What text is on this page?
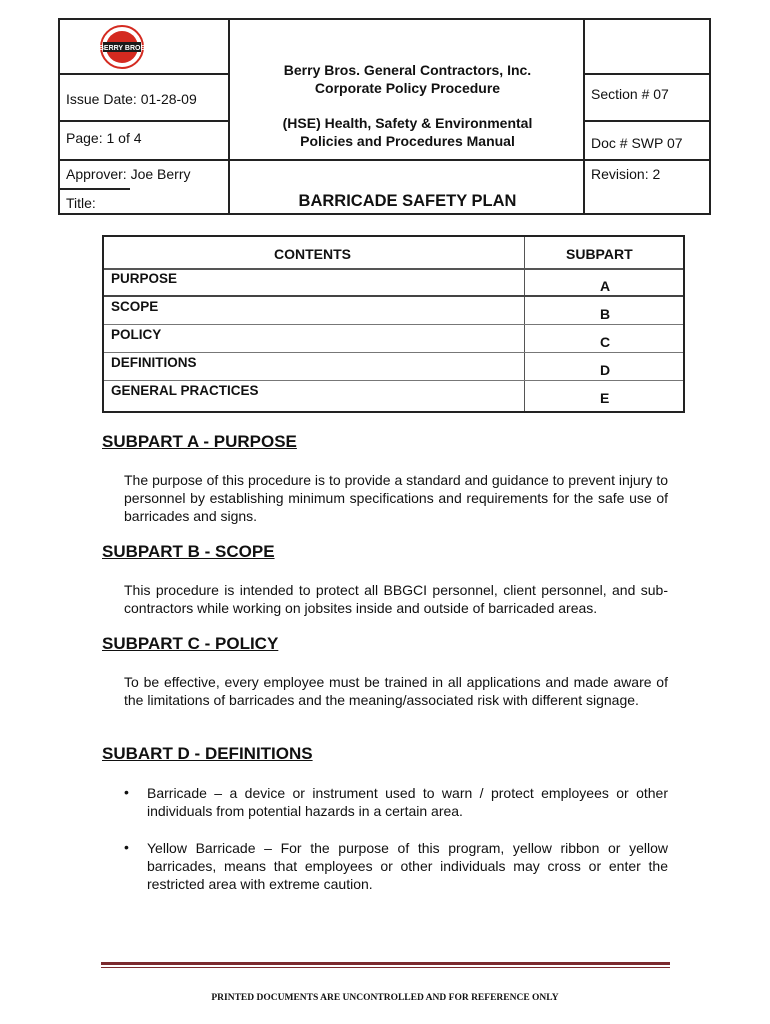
BERRY BROS
Issue Date: 01-28-09
Page: 1 of 4
Approver: Joe Berry
Title:
Berry Bros. General Contractors, Inc.
Corporate Policy Procedure
(HSE) Health, Safety & Environmental
Policies and Procedures Manual
Section # 07
Doc # SWP 07
Revision: 2
BARRICADE SAFETY PLAN
CONTENTS	SUBPART
PURPOSE	A
SCOPE	B
POLICY	C
DEFINITIONS	D
GENERAL PRACTICES	E
SUBPART A - PURPOSE
The purpose of this procedure is to provide a standard and guidance to prevent injury to personnel by establishing minimum specifications and requirements for the safe use of barricades and signs.
SUBPART B - SCOPE
This procedure is intended to protect all BBGCI personnel, client personnel, and sub-contractors while working on jobsites inside and outside of barricaded areas.
SUBPART C - POLICY
To be effective, every employee must be trained in all applications and made aware of the limitations of barricades and the meaning/associated risk with different signage.
SUBART D - DEFINITIONS
• Barricade – a device or instrument used to warn / protect employees or other individuals from potential hazards in a certain area.
• Yellow Barricade – For the purpose of this program, yellow ribbon or yellow barricades, means that employees or other individuals may cross or enter the restricted area with extreme caution.
PRINTED DOCUMENTS ARE UNCONTROLLED AND FOR REFERENCE ONLY
